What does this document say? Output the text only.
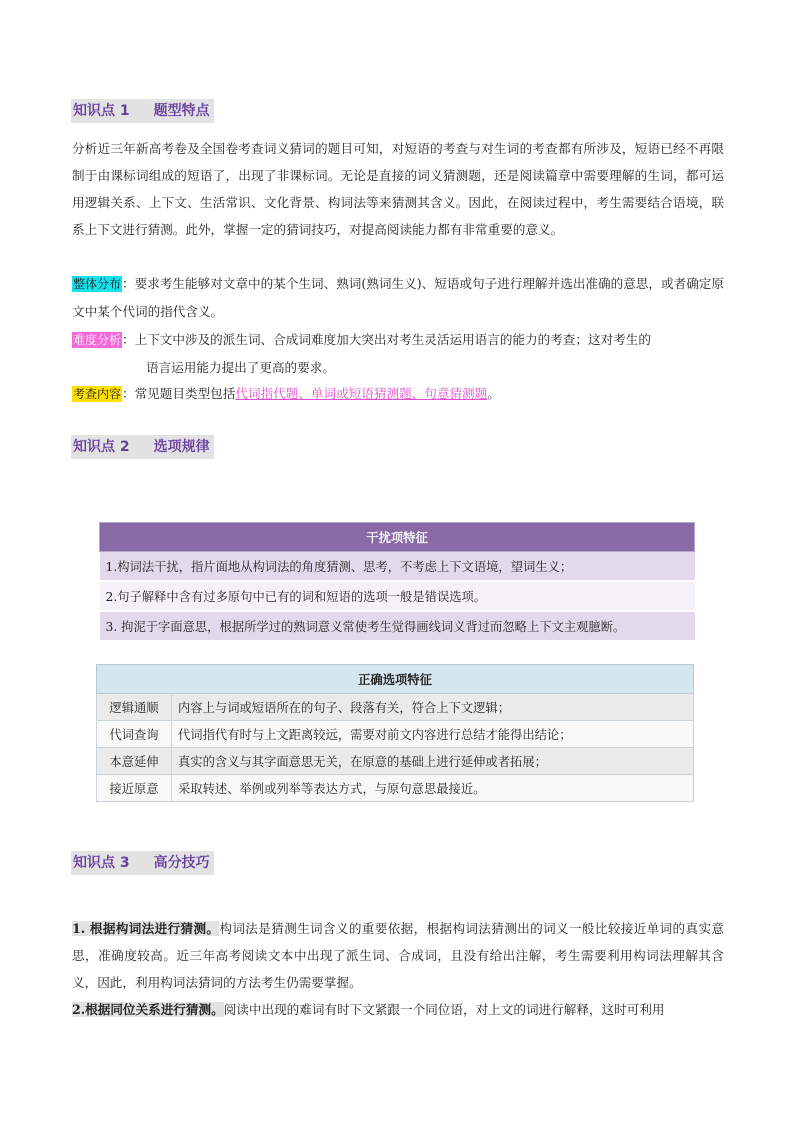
知识点 1 题型特点

分析近三年新高考卷及全国卷考查词义猜词的题目可知，对短语的考查与对生词的考查都有所涉及，短语已经不再限制于由课标词组成的短语了，出现了非课标词。无论是直接的词义猜测题，还是阅读篇章中需要理解的生词，都可运用逻辑关系、上下文、生活常识、文化背景、构词法等来猜测其含义。因此，在阅读过程中，考生需要结合语境，联系上下文进行猜测。此外，掌握一定的猜词技巧，对提高阅读能力都有非常重要的意义。

整体分布：要求考生能够对文章中的某个生词、熟词(熟词生义)、短语或句子进行理解并选出准确的意思，或者确定原文中某个代词的指代含义。

难度分析：上下文中涉及的派生词、合成词难度加大突出对考生灵活运用语言的能力的考查；这对考生的
语言运用能力提出了更高的要求。

考查内容：常见题目类型包括代词指代题、单词或短语猜测题、句意猜测题。

知识点 2 选项规律
干扰项特征
1.构词法干扰，指片面地从构词法的角度猜测、思考，不考虑上下文语境，望词生义；
2.句子解释中含有过多原句中已有的词和短语的选项一般是错误选项。
3. 拘泥于字面意思，根据所学过的熟词意义常使考生觉得画线词义背过而忽略上下文主观臆断。
正确选项特征	
逻辑通顺	内容上与词或短语所在的句子、段落有关，符合上下文逻辑；
代词查询	代词指代有时与上文距离较远，需要对前文内容进行总结才能得出结论；
本意延伸	真实的含义与其字面意思无关，在原意的基础上进行延伸或者拓展；
接近原意	采取转述、举例或列举等表达方式，与原句意思最接近。
知识点 3 高分技巧

1. 根据构词法进行猜测。构词法是猜测生词含义的重要依据，根据构词法猜测出的词义一般比较接近单词的真实意思，准确度较高。近三年高考阅读文本中出现了派生词、合成词，且没有给出注解，考生需要利用构词法理解其含义，因此，利用构词法猜词的方法考生仍需要掌握。

2.根据同位关系进行猜测。阅读中出现的难词有时下文紧跟一个同位语，对上文的词进行解释，这时可利用
